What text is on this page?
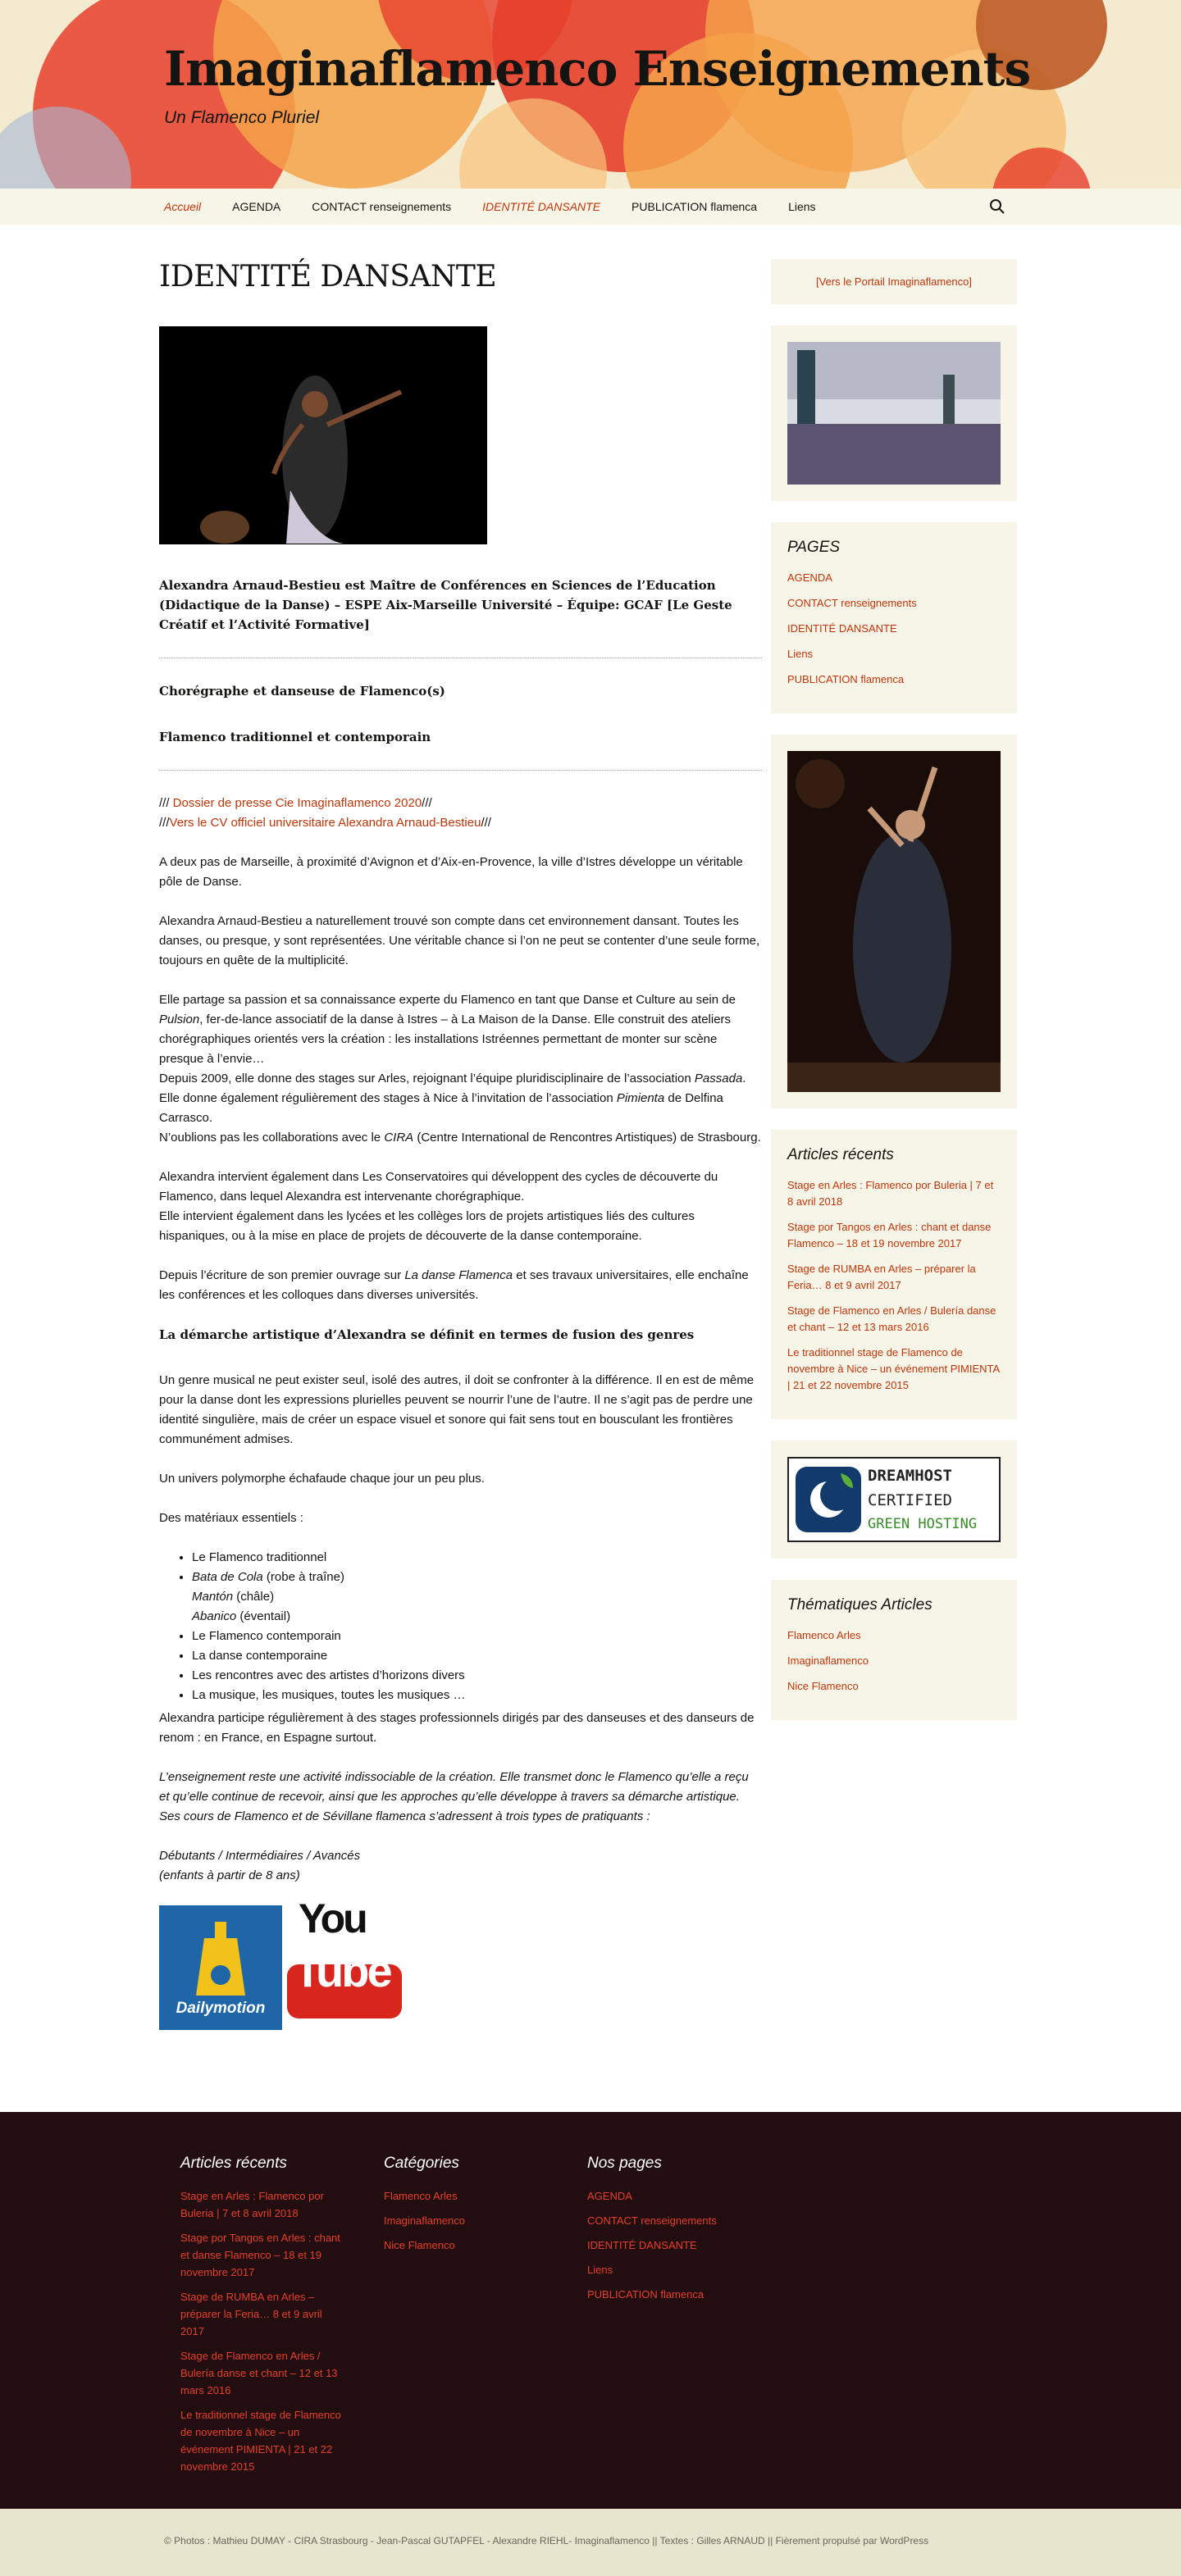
Imaginaflamenco Enseignements
Un Flamenco Pluriel
Accueil	AGENDA	CONTACT renseignements	IDENTITÉ DANSANTE	PUBLICATION flamenca	Liens
IDENTITÉ DANSANTE

Alexandra Arnaud-Bestieu est Maître de Conférences en Sciences de l’Education (Didactique de la Danse) – ESPE Aix-Marseille Université – Équipe: GCAF [Le Geste Créatif et l’Activité Formative]

Chorégraphe et danseuse de Flamenco(s)

Flamenco traditionnel et contemporain

/// Dossier de presse Cie Imaginaflamenco 2020///

///Vers le CV officiel universitaire Alexandra Arnaud-Bestieu///

A deux pas de Marseille, à proximité d’Avignon et d’Aix-en-Provence, la ville d’Istres développe un véritable pôle de Danse.

Alexandra Arnaud-Bestieu a naturellement trouvé son compte dans cet environnement dansant. Toutes les danses, ou presque, y sont représentées. Une véritable chance si l’on ne peut se contenter d’une seule forme, toujours en quête de la multiplicité.

Elle partage sa passion et sa connaissance experte du Flamenco en tant que Danse et Culture au sein de Pulsion, fer-de-lance associatif de la danse à Istres – à La Maison de la Danse. Elle construit des ateliers chorégraphiques orientés vers la création : les installations Istréennes permettant de monter sur scène presque à l’envie…
Depuis 2009, elle donne des stages sur Arles, rejoignant l’équipe pluridisciplinaire de l’association Passada.
Elle donne également régulièrement des stages à Nice à l’invitation de l’association Pimienta de Delfina Carrasco.
N’oublions pas les collaborations avec le CIRA (Centre International de Rencontres Artistiques) de Strasbourg.

Alexandra intervient également dans Les Conservatoires qui développent des cycles de découverte du Flamenco, dans lequel Alexandra est intervenante chorégraphique.
Elle intervient également dans les lycées et les collèges lors de projets artistiques liés des cultures hispaniques, ou à la mise en place de projets de découverte de la danse contemporaine.

Depuis l’écriture de son premier ouvrage sur La danse Flamenca et ses travaux universitaires, elle enchaîne les conférences et les colloques dans diverses universités.

La démarche artistique d’Alexandra se définit en termes de fusion des genres

Un genre musical ne peut exister seul, isolé des autres, il doit se confronter à la différence. Il en est de même pour la danse dont les expressions plurielles peuvent se nourrir l’une de l’autre. Il ne s’agit pas de perdre une identité singulière, mais de créer un espace visuel et sonore qui fait sens tout en bousculant les frontières communément admises.

Un univers polymorphe échafaude chaque jour un peu plus.

Des matériaux essentiels :

• Le Flamenco traditionnel
• Bata de Cola (robe à traîne)
Mantón (châle)
Abanico (éventail)
• Le Flamenco contemporain
• La danse contemporaine
• Les rencontres avec des artistes d’horizons divers
• La musique, les musiques, toutes les musiques …

Alexandra participe régulièrement à des stages professionnels dirigés par des danseuses et des danseurs de renom : en France, en Espagne surtout.

L’enseignement reste une activité indissociable de la création. Elle transmet donc le Flamenco qu’elle a reçu et qu’elle continue de recevoir, ainsi que les approches qu’elle développe à travers sa démarche artistique. Ses cours de Flamenco et de Sévillane flamenca s’adressent à trois types de pratiquants :

Débutants / Intermédiaires / Avancés

(enfants à partir de 8 ans)

Dailymotion
You
Tube
[Vers le Portail Imaginaflamenco]
PAGES
AGENDA
CONTACT renseignements
IDENTITÉ DANSANTE
Liens
PUBLICATION flamenca
Articles récents
Stage en Arles : Flamenco por Buleria | 7 et 8 avril 2018
Stage por Tangos en Arles : chant et danse Flamenco – 18 et 19 novembre 2017
Stage de RUMBA en Arles – préparer la Feria… 8 et 9 avril 2017
Stage de Flamenco en Arles / Bulería danse et chant – 12 et 13 mars 2016
Le traditionnel stage de Flamenco de novembre à Nice – un événement PIMIENTA | 21 et 22 novembre 2015
DREAMHOST
CERTIFIED
GREEN HOSTING
Thématiques Articles
Flamenco Arles
Imaginaflamenco
Nice Flamenco
Articles récents
Stage en Arles : Flamenco por Buleria | 7 et 8 avril 2018
Stage por Tangos en Arles : chant et danse Flamenco – 18 et 19 novembre 2017
Stage de RUMBA en Arles – préparer la Feria… 8 et 9 avril 2017
Stage de Flamenco en Arles / Bulería danse et chant – 12 et 13 mars 2016
Le traditionnel stage de Flamenco de novembre à Nice – un événement PIMIENTA | 21 et 22 novembre 2015
Catégories
Flamenco Arles
Imaginaflamenco
Nice Flamenco
Nos pages
AGENDA
CONTACT renseignements
IDENTITÉ DANSANTE
Liens
PUBLICATION flamenca
© Photos : Mathieu DUMAY - CIRA Strasbourg - Jean-Pascal GUTAPFEL - Alexandre RIEHL- Imaginaflamenco || Textes : Gilles ARNAUD || Fièrement propulsé par WordPress
